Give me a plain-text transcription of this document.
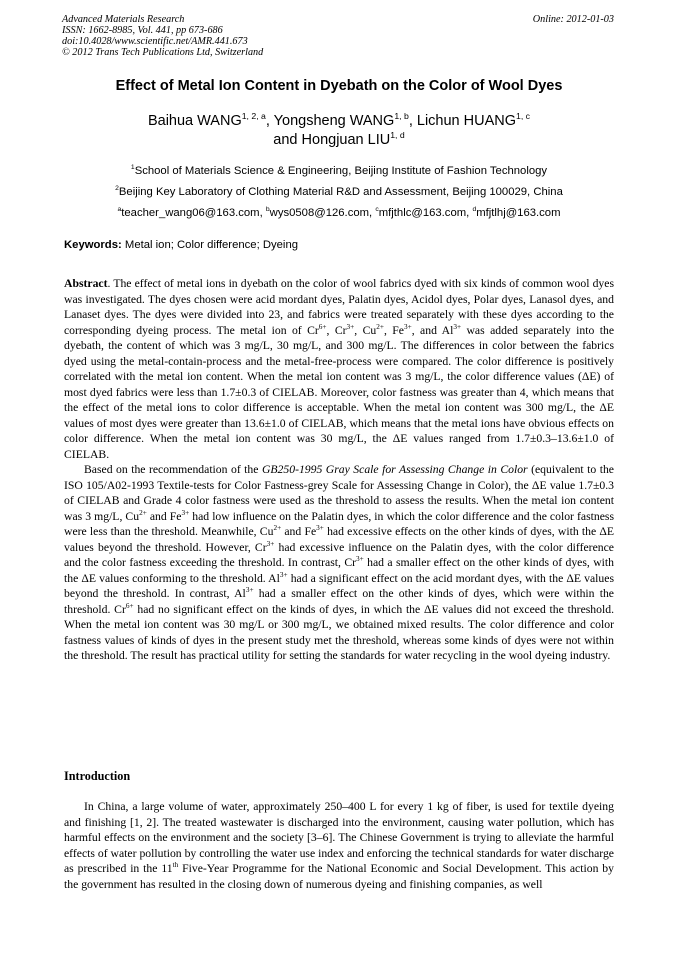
Advanced Materials Research
ISSN: 1662-8985, Vol. 441, pp 673-686
doi:10.4028/www.scientific.net/AMR.441.673
© 2012 Trans Tech Publications Ltd, Switzerland
Online: 2012-01-03
Effect of Metal Ion Content in Dyebath on the Color of Wool Dyes
Baihua WANG$^{1, 2, a}$, Yongsheng WANG$^{1, b}$, Lichun HUANG$^{1, c}$
and Hongjuan LIU$^{1, d}$
$^1$School of Materials Science & Engineering, Beijing Institute of Fashion Technology
$^2$Beijing Key Laboratory of Clothing Material R&D and Assessment, Beijing 100029, China
$^a$teacher_wang06@163.com, $^b$wys0508@126.com, $^c$mfjthlc@163.com, $^d$mfjtlhj@163.com
Keywords: Metal ion; Color difference; Dyeing

Abstract. The effect of metal ions in dyebath on the color of wool fabrics dyed with six kinds of common wool dyes was investigated. The dyes chosen were acid mordant dyes, Palatin dyes, Acidol dyes, Polar dyes, Lanasol dyes, and Lanaset dyes. The dyes were divided into 23, and fabrics were treated separately with these dyes according to the corresponding dyeing process. The metal ion of $Cr^{6+}$, $Cr^{3+}$, $Cu^{2+}$, $Fe^{3+}$, and $Al^{3+}$ was added separately into the dyebath, the content of which was 3 mg/L, 30 mg/L, and 300 mg/L. The differences in color between the fabrics dyed using the metal-contain-process and the metal-free-process were compared. The color difference is positively correlated with the metal ion content. When the metal ion content was 3 mg/L, the color difference values (ΔE) of most dyed fabrics were less than 1.7±0.3 of CIELAB. Moreover, color fastness was greater than 4, which means that the effect of the metal ions to color difference is acceptable. When the metal ion content was 300 mg/L, the ΔE values of most dyes were greater than 13.6±1.0 of CIELAB, which means that the metal ions have obvious effects on color difference. When the metal ion content was 30 mg/L, the ΔE values ranged from 1.7±0.3–13.6±1.0 of CIELAB.

Based on the recommendation of the GB250-1995 Gray Scale for Assessing Change in Color (equivalent to the ISO 105/A02-1993 Textile-tests for Color Fastness-grey Scale for Assessing Change in Color), the ΔE value 1.7±0.3 of CIELAB and Grade 4 color fastness were used as the threshold to assess the results. When the metal ion content was 3 mg/L, $Cu^{2+}$ and $Fe^{3+}$ had low influence on the Palatin dyes, in which the color difference and the color fastness were less than the threshold. Meanwhile, $Cu^{2+}$ and $Fe^{3+}$ had excessive effects on the other kinds of dyes, with the ΔE values beyond the threshold. However, $Cr^{3+}$ had excessive influence on the Palatin dyes, with the color difference and the color fastness exceeding the threshold. In contrast, $Cr^{3+}$ had a smaller effect on the other kinds of dyes, with the ΔE values conforming to the threshold. $Al^{3+}$ had a significant effect on the acid mordant dyes, with the ΔE values beyond the threshold. In contrast, $Al^{3+}$ had a smaller effect on the other kinds of dyes, which were within the threshold. $Cr^{6+}$ had no significant effect on the kinds of dyes, in which the ΔE values did not exceed the threshold. When the metal ion content was 30 mg/L or 300 mg/L, we obtained mixed results. The color difference and color fastness values of kinds of dyes in the present study met the threshold, whereas some kinds of dyes were not within the threshold. The result has practical utility for setting the standards for water recycling in the wool dyeing industry.

Introduction

In China, a large volume of water, approximately 250–400 L for every 1 kg of fiber, is used for textile dyeing and finishing [1, 2]. The treated wastewater is discharged into the environment, causing water pollution, which has harmful effects on the environment and the society [3–6]. The Chinese Government is trying to alleviate the harmful effects of water pollution by controlling the water use index and enforcing the technical standards for water discharge as prescribed in the 11th Five-Year Programme for the National Economic and Social Development. This action by the government has resulted in the closing down of numerous dyeing and finishing companies, as well
